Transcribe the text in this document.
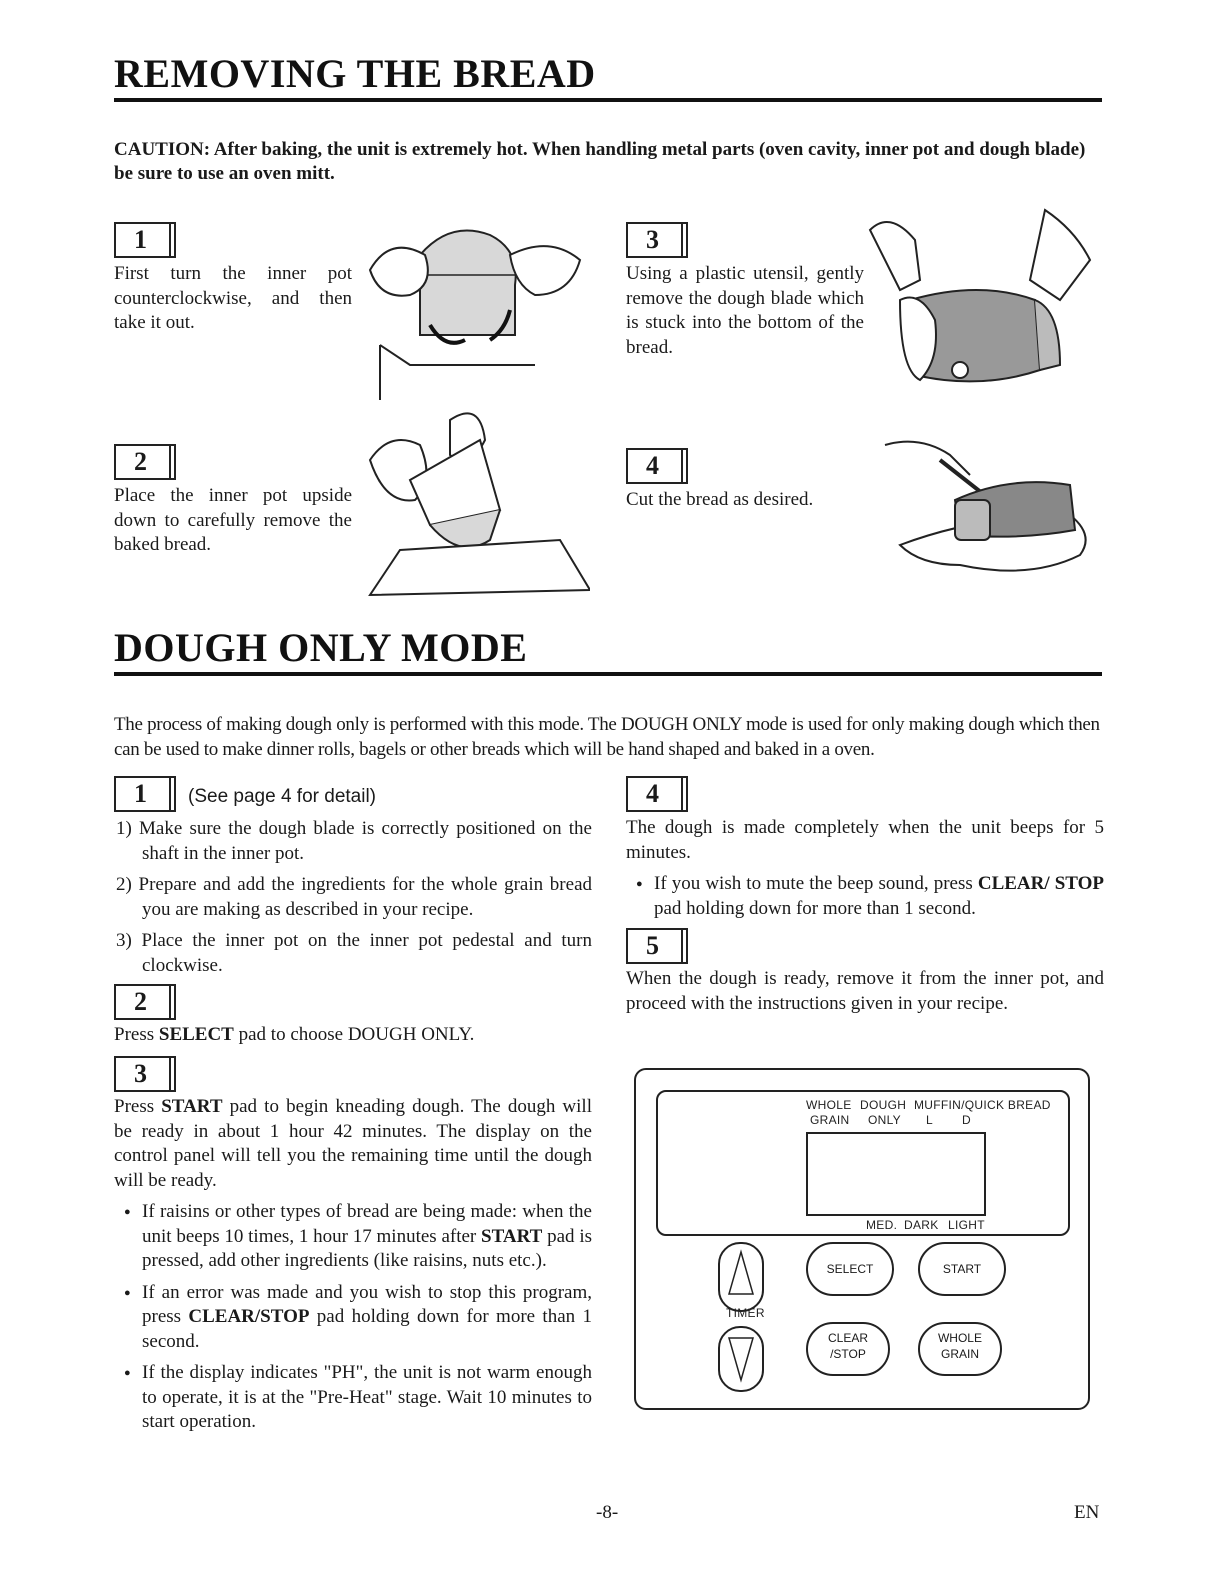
REMOVING THE BREAD
CAUTION: After baking, the unit is extremely hot. When handling metal parts (oven cavity, inner pot and dough blade) be sure to use an oven mitt.
1
First turn the inner pot counterclockwise, and then take it out.
2
Place the inner pot upside down to carefully remove the baked bread.
3
Using a plastic utensil, gently remove the dough blade which is stuck into the bottom of the bread.
4
Cut the bread as desired.
DOUGH ONLY MODE
The process of making dough only is performed with this mode. The DOUGH ONLY mode is used for only making dough which then can be used to make dinner rolls, bagels or other breads which will be hand shaped and baked in a oven.
1	(See page 4 for detail)
1) Make sure the dough blade is correctly positioned on the shaft in the inner pot.
2) Prepare and add the ingredients for the whole grain bread you are making as described in your recipe.
3) Place the inner pot on the inner pot pedestal and turn clockwise.
2
Press SELECT pad to choose DOUGH ONLY.
3
Press START pad to begin kneading dough. The dough will be ready in about 1 hour 42 minutes. The display on the control panel will tell you the remaining time until the dough will be ready.
● If raisins or other types of bread are being made: when the unit beeps 10 times, 1 hour 17 minutes after START pad is pressed, add other ingredients (like raisins, nuts etc.).
● If an error was made and you wish to stop this program, press CLEAR/STOP pad holding down for more than 1 second.
● If the display indicates "PH", the unit is not warm enough to operate, it is at the "Pre-Heat" stage. Wait 10 minutes to start operation.
4
The dough is made completely when the unit beeps for 5 minutes.
● If you wish to mute the beep sound, press CLEAR/ STOP pad holding down for more than 1 second.
5
When the dough is ready, remove it from the inner pot, and proceed with the instructions given in your recipe.
WHOLE DOUGH MUFFIN/QUICK BREAD
GRAIN ONLY L D
MED. DARK LIGHT
TIMER
SELECT	START
CLEAR
/STOP
WHOLE
GRAIN
-8-	EN
